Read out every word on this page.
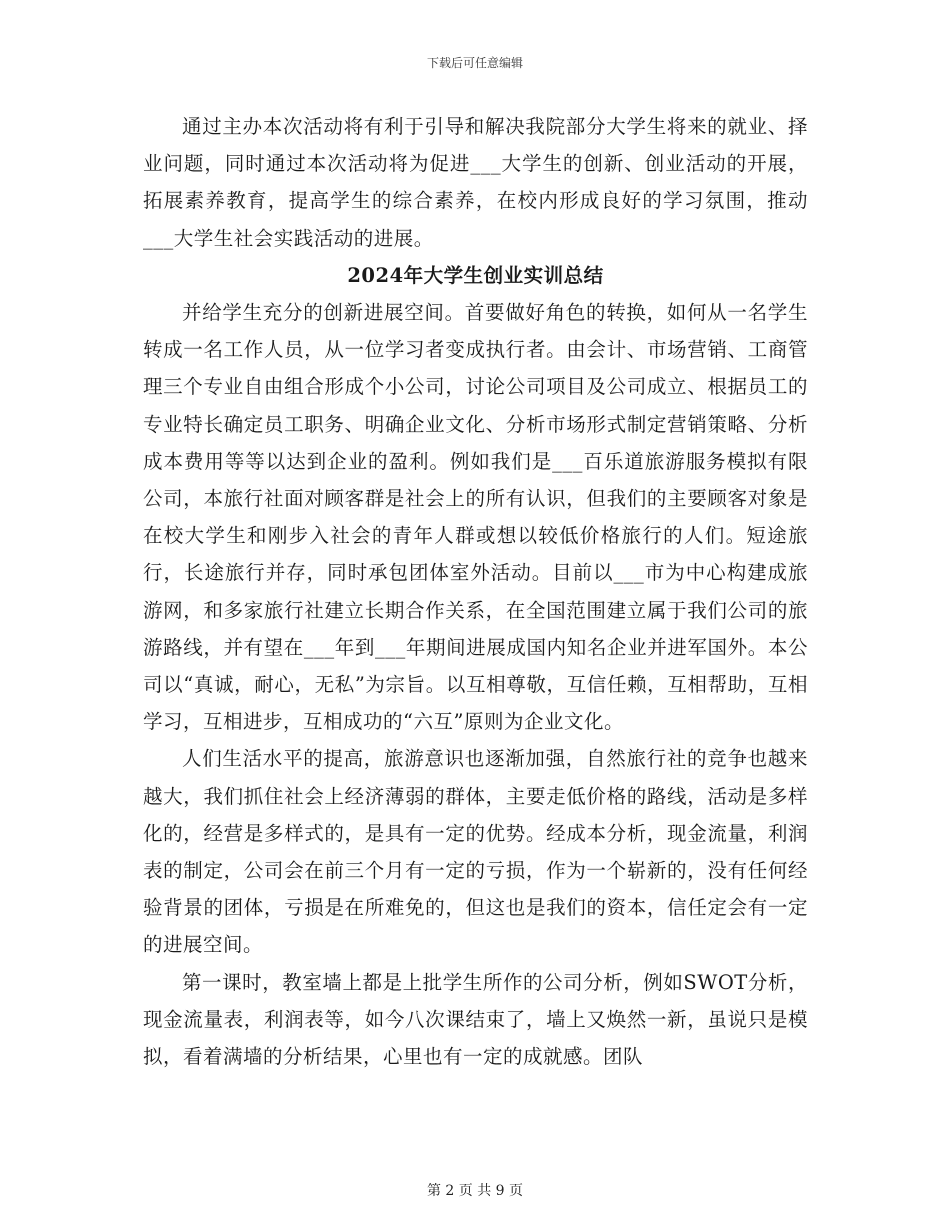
下载后可任意编辑

通过主办本次活动将有利于引导和解决我院部分大学生将来的就业、择业问题，同时通过本次活动将为促进___大学生的创新、创业活动的开展，拓展素养教育，提高学生的综合素养，在校内形成良好的学习氛围，推动___大学生社会实践活动的进展。

2024年大学生创业实训总结

并给学生充分的创新进展空间。首要做好角色的转换，如何从一名学生转成一名工作人员，从一位学习者变成执行者。由会计、市场营销、工商管理三个专业自由组合形成个小公司，讨论公司项目及公司成立、根据员工的专业特长确定员工职务、明确企业文化、分析市场形式制定营销策略、分析成本费用等等以达到企业的盈利。例如我们是___百乐道旅游服务模拟有限公司，本旅行社面对顾客群是社会上的所有认识，但我们的主要顾客对象是在校大学生和刚步入社会的青年人群或想以较低价格旅行的人们。短途旅行，长途旅行并存，同时承包团体室外活动。目前以___市为中心构建成旅游网，和多家旅行社建立长期合作关系，在全国范围建立属于我们公司的旅游路线，并有望在___年到___年期间进展成国内知名企业并进军国外。本公司以“真诚，耐心，无私”为宗旨。以互相尊敬，互信任赖，互相帮助，互相学习，互相进步，互相成功的“六互”原则为企业文化。

人们生活水平的提高，旅游意识也逐渐加强，自然旅行社的竞争也越来越大，我们抓住社会上经济薄弱的群体，主要走低价格的路线，活动是多样化的，经营是多样式的，是具有一定的优势。经成本分析，现金流量，利润表的制定，公司会在前三个月有一定的亏损，作为一个崭新的，没有任何经验背景的团体，亏损是在所难免的，但这也是我们的资本，信任定会有一定的进展空间。

第一课时，教室墙上都是上批学生所作的公司分析，例如SWOT分析，现金流量表，利润表等，如今八次课结束了，墙上又焕然一新，虽说只是模拟，看着满墙的分析结果，心里也有一定的成就感。团队

第 2 页 共 9 页
